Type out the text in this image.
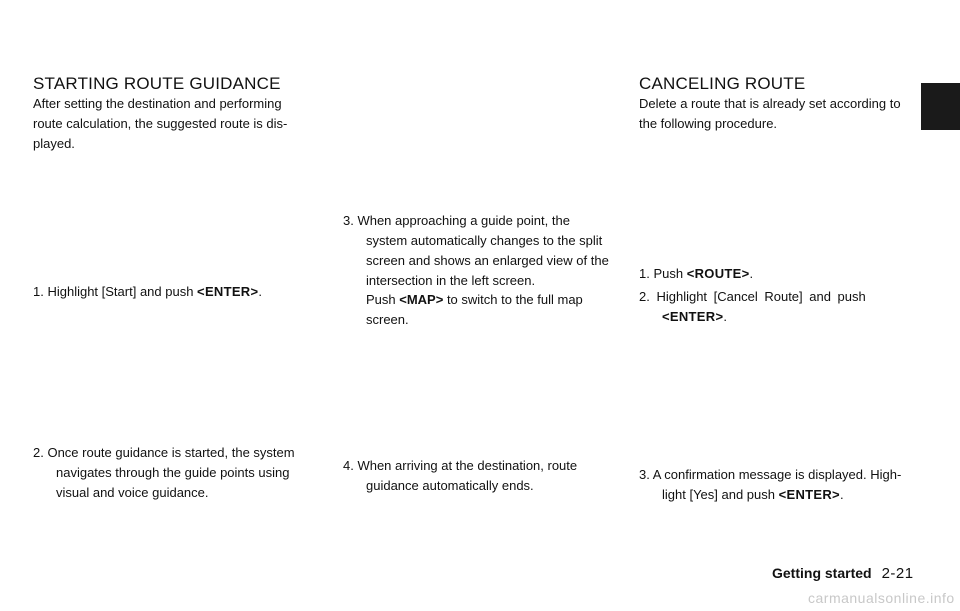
STARTING ROUTE GUIDANCE
After setting the destination and performing
route calculation, the suggested route is dis-
played.
1. Highlight [Start] and push <ENTER>.
2. Once route guidance is started, the system
navigates through the guide points using
visual and voice guidance.
3. When approaching a guide point, the
system automatically changes to the split
screen and shows an enlarged view of the
intersection in the left screen.
Push <MAP> to switch to the full map
screen.
4. When arriving at the destination, route
guidance automatically ends.
CANCELING ROUTE
Delete a route that is already set according to
the following procedure.
1. Push <ROUTE>.
2. Highlight [Cancel Route] and push
<ENTER>.
3. A confirmation message is displayed. High-
light [Yes] and push <ENTER>.
Getting started 2-21
carmanualsonline.info
